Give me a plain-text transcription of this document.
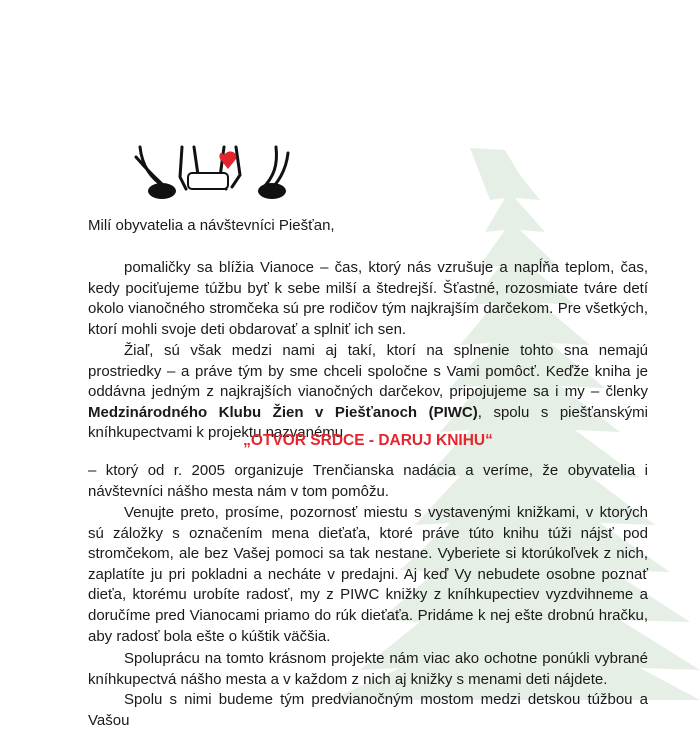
Milí obyvatelia a návštevníci Piešťan,

pomaličky sa blížia Vianoce – čas, ktorý nás vzrušuje a napĺňa teplom, čas, kedy pociťujeme túžbu byť k sebe milší a štedrejší. Šťastné, rozosmiate tváre detí okolo vianočného stromčeka sú pre rodičov tým najkrajším darčekom. Pre všetkých, ktorí mohli svoje deti obdarovať a splniť ich sen.

Žiaľ, sú však medzi nami aj takí, ktorí na splnenie tohto sna nemajú prostriedky – a práve tým by sme chceli spoločne s Vami pomôcť. Keďže kniha je oddávna jedným z najkrajších vianočných darčekov, pripojujeme sa i my – členky Medzinárodného Klubu Žien v Piešťanoch (PIWC), spolu s piešťanskými kníhkupectvami k projektu nazvanému

„OTVOR SRDCE - DARUJ KNIHU“

– ktorý od r. 2005 organizuje Trenčianska nadácia a veríme, že obyvatelia i návštevníci nášho mesta nám v tom pomôžu.

Venujte preto, prosíme, pozornosť miestu s vystavenými knižkami, v ktorých sú záložky s označením mena dieťaťa, ktoré práve túto knihu túži nájsť pod stromčekom, ale bez Vašej pomoci sa tak nestane. Vyberiete si ktorúkoľvek z nich, zaplatíte ju pri pokladni a necháte v predajni. Aj keď Vy nebudete osobne poznať dieťa, ktorému urobíte radosť, my z PIWC knižky z kníhkupectiev vyzdvihneme a doručíme pred Vianocami priamo do rúk dieťaťa. Pridáme k nej ešte drobnú hračku, aby radosť bola ešte o kúštik väčšia.

Spoluprácu na tomto krásnom projekte nám viac ako ochotne ponúkli vybrané kníhkupectvá nášho mesta a v každom z nich aj knižky s menami deti nájdete.

Spolu s nimi budeme tým predvianočným mostom medzi detskou túžbou a Vašou
